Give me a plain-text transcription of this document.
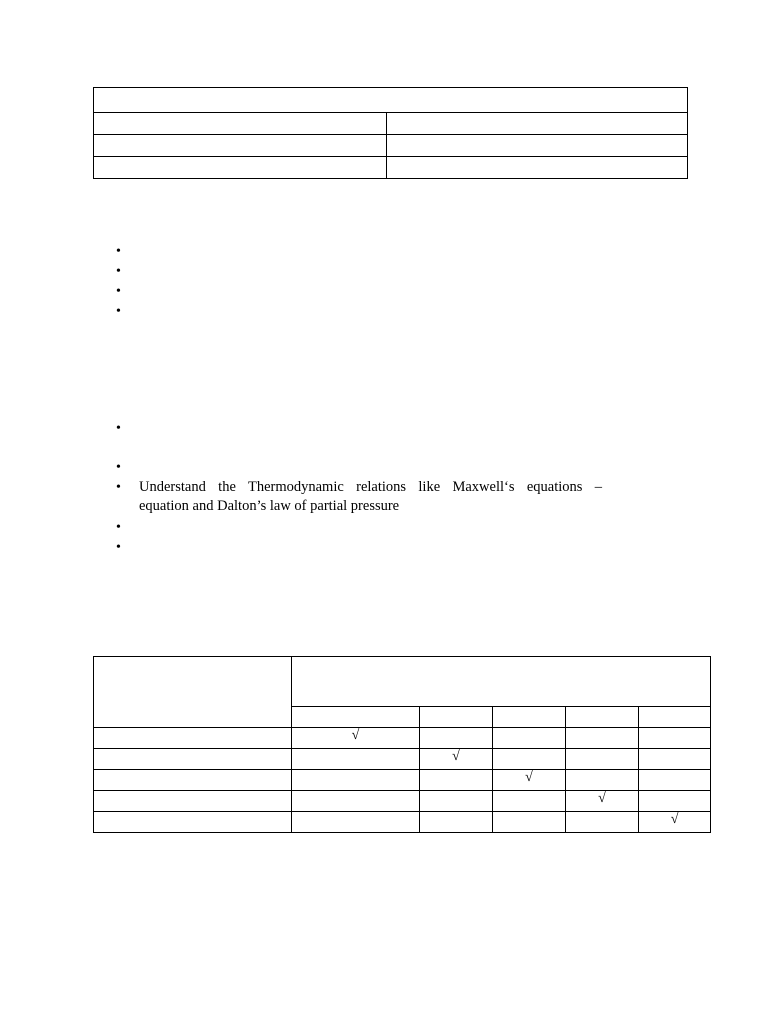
•
•
•
•
•
•
• Understand the Thermodynamic relations like Maxwell‘s equations –
equation and Dalton’s law of partial pressure
•
•

	√				
		√			
			√		
				√	
					√
